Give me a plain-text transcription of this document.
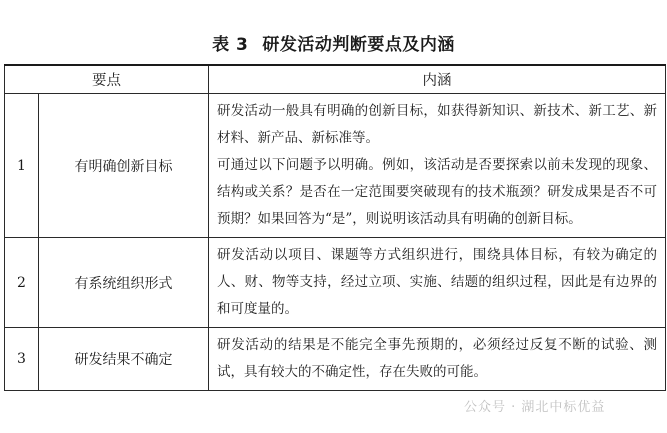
表 3 研发活动判断要点及内涵
要点		内涵
1	有明确创新目标	研发活动一般具有明确的创新目标，如获得新知识、新技术、新工艺、新材料、新产品、新标准等。

可通过以下问题予以明确。例如，该活动是否要探索以前未发现的现象、结构或关系？是否在一定范围要突破现有的技术瓶颈？研发成果是否不可预期？如果回答为“是”，则说明该活动具有明确的创新目标。

2	有系统组织形式	研发活动以项目、课题等方式组织进行，围绕具体目标，有较为确定的人、财、物等支持，经过立项、实施、结题的组织过程，因此是有边界的和可度量的。

3	研发结果不确定	研发活动的结果是不能完全事先预期的，必须经过反复不断的试验、测试，具有较大的不确定性，存在失败的可能。

公众号 · 湖北中标优益
